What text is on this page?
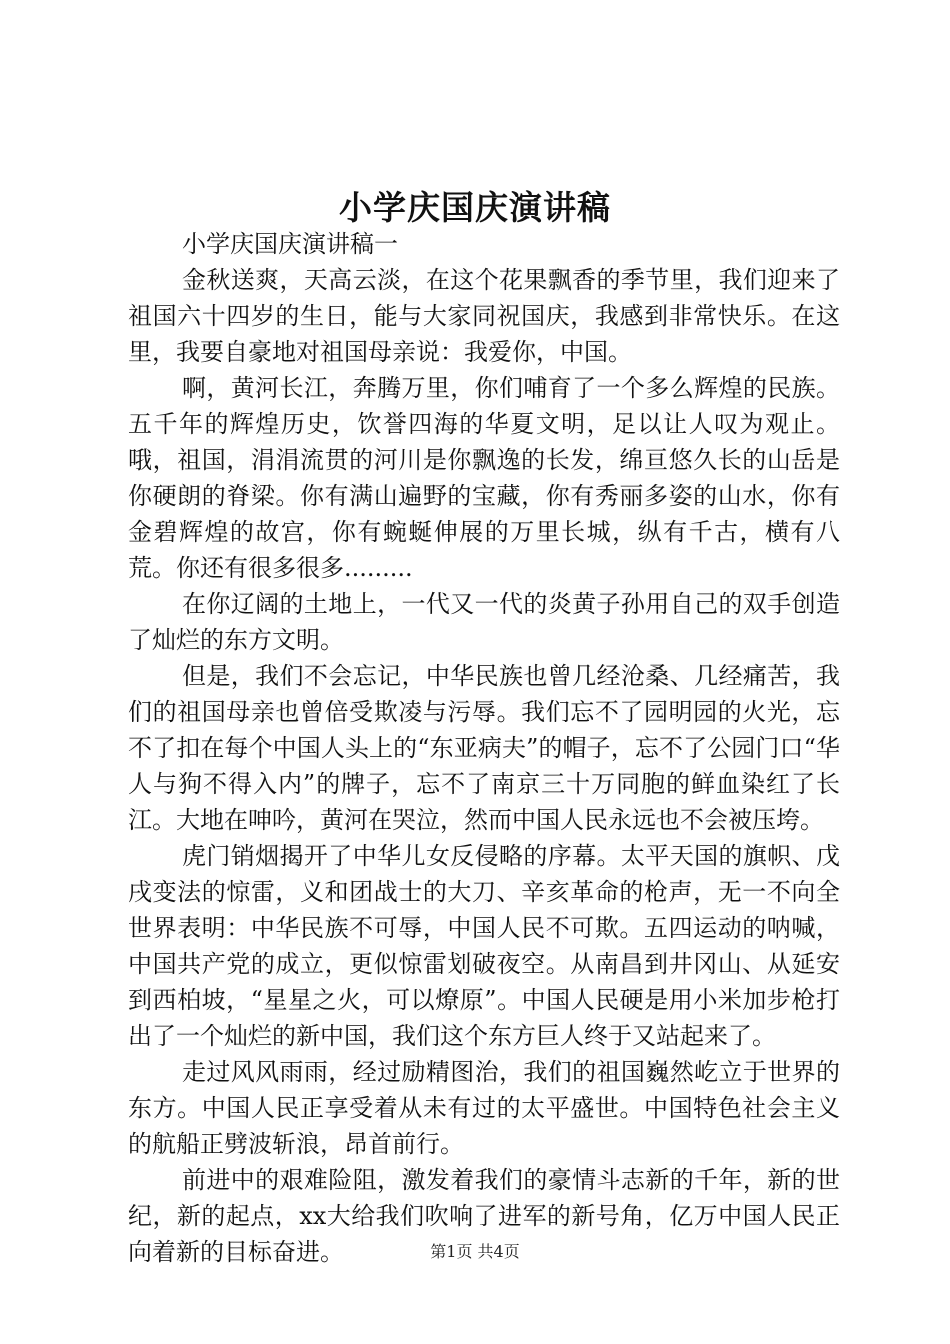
小学庆国庆演讲稿

小学庆国庆演讲稿一

金秋送爽，天高云淡，在这个花果飘香的季节里，我们迎来了祖国六十四岁的生日，能与大家同祝国庆，我感到非常快乐。在这里，我要自豪地对祖国母亲说：我爱你，中国。

啊，黄河长江，奔腾万里，你们哺育了一个多么辉煌的民族。五千年的辉煌历史，饮誉四海的华夏文明，足以让人叹为观止。哦，祖国，涓涓流贯的河川是你飘逸的长发，绵亘悠久长的山岳是你硬朗的脊梁。你有满山遍野的宝藏，你有秀丽多姿的山水，你有金碧辉煌的故宫，你有蜿蜒伸展的万里长城，纵有千古，横有八荒。你还有很多很多.........

在你辽阔的土地上，一代又一代的炎黄子孙用自己的双手创造了灿烂的东方文明。

但是，我们不会忘记，中华民族也曾几经沧桑、几经痛苦，我们的祖国母亲也曾倍受欺凌与污辱。我们忘不了园明园的火光，忘不了扣在每个中国人头上的“东亚病夫”的帽子，忘不了公园门口“华人与狗不得入内”的牌子，忘不了南京三十万同胞的鲜血染红了长江。大地在呻吟，黄河在哭泣，然而中国人民永远也不会被压垮。

虎门销烟揭开了中华儿女反侵略的序幕。太平天国的旗帜、戊戌变法的惊雷，义和团战士的大刀、辛亥革命的枪声，无一不向全世界表明：中华民族不可辱，中国人民不可欺。五四运动的呐喊，中国共产党的成立，更似惊雷划破夜空。从南昌到井冈山、从延安到西柏坡，“星星之火，可以燎原”。中国人民硬是用小米加步枪打出了一个灿烂的新中国，我们这个东方巨人终于又站起来了。

走过风风雨雨，经过励精图治，我们的祖国巍然屹立于世界的东方。中国人民正享受着从未有过的太平盛世。中国特色社会主义的航船正劈波斩浪，昂首前行。

前进中的艰难险阻，激发着我们的豪情斗志新的千年，新的世纪，新的起点，xx大给我们吹响了进军的新号角，亿万中国人民正向着新的目标奋进。	第1页 共4页
